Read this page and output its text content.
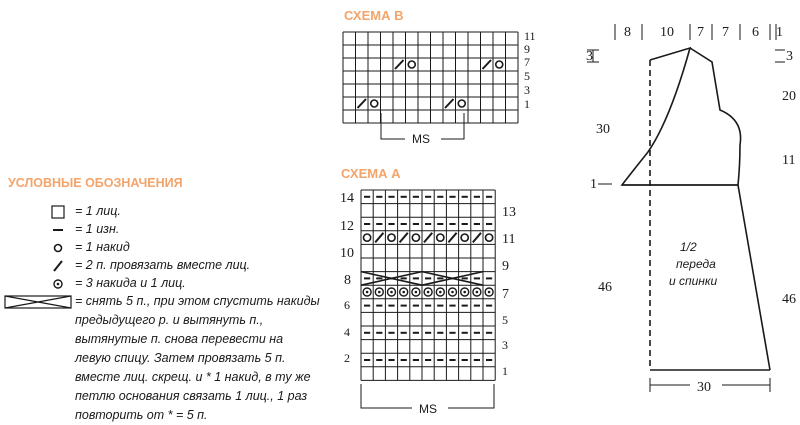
СХЕМА В
11
9
7
5
3
1
MS
СХЕМА А
14
12
10
8
6
4
2
13
11
9
7
5
3
1
MS
8 10 7 7 6 1
3
30
1
46
3
20
11
46
30
1/2
переда
и спинки
УСЛОВНЫЕ ОБОЗНАЧЕНИЯ
= 1 лиц.
= 1 изн.
= 1 накид
= 2 п. провязать вместе лиц.
= 3 накида и 1 лиц.
= снять 5 п., при этом спустить накиды предыдущего р. и вытянуть п., вытянутые п. снова перевести на левую спицу. Затем провязать 5 п. вместе лиц. скрещ. и * 1 накид, в ту же петлю основания связать 1 лиц., 1 раз повторить от * = 5 п.
